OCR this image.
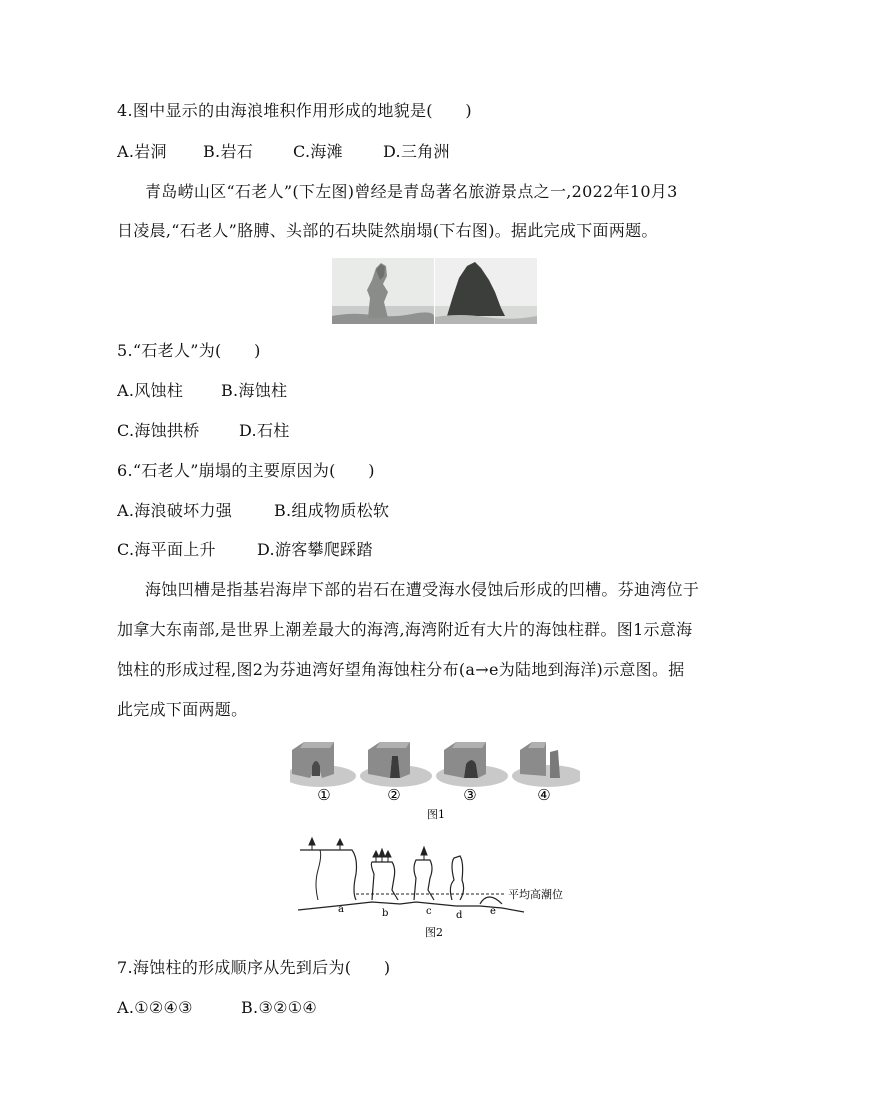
4.图中显示的由海浪堆积作用形成的地貌是(　　)
A.岩洞 B.岩石 C.海滩	D.三角洲
青岛崂山区“石老人”(下左图)曾经是青岛著名旅游景点之一,2022年10月3
日凌晨,“石老人”胳膊、头部的石块陡然崩塌(下右图)。据此完成下面两题。
5.“石老人”为(　　)
A.风蚀柱 B.海蚀柱
C.海蚀拱桥 D.石柱
6.“石老人”崩塌的主要原因为(　　)
A.海浪破坏力强	B.组成物质松软
C.海平面上升	D.游客攀爬踩踏
海蚀凹槽是指基岩海岸下部的岩石在遭受海水侵蚀后形成的凹槽。芬迪湾位于
加拿大东南部,是世界上潮差最大的海湾,海湾附近有大片的海蚀柱群。图1示意海
蚀柱的形成过程,图2为芬迪湾好望角海蚀柱分布(a→e为陆地到海洋)示意图。据
此完成下面两题。
①	②	③	④
图1
平均高潮位
a	b	c d	e
图2
7.海蚀柱的形成顺序从先到后为(　　)
A.①②④③	B.③②①④
